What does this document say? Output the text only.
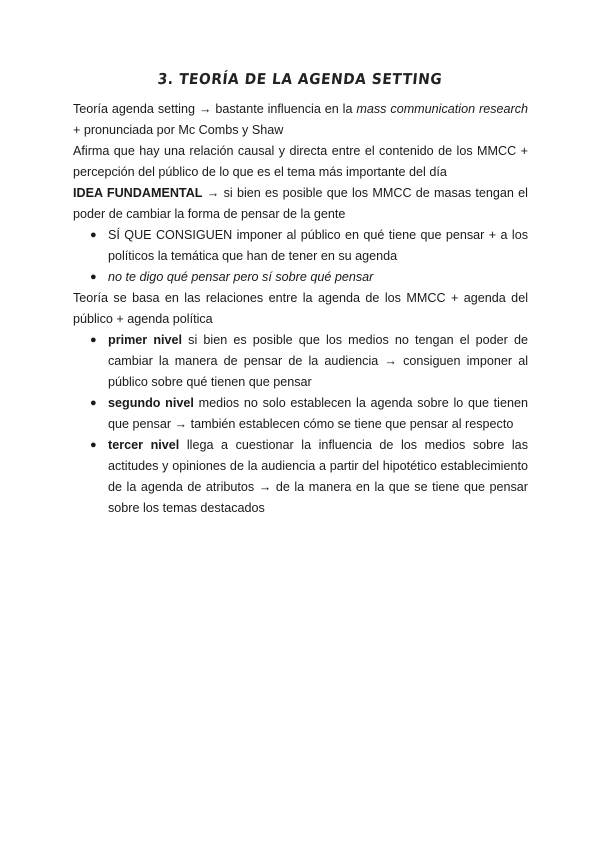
3. TEORÍA DE LA AGENDA SETTING

Teoría agenda setting → bastante influencia en la mass communication research + pronunciada por Mc Combs y Shaw

Afirma que hay una relación causal y directa entre el contenido de los MMCC + percepción del público de lo que es el tema más importante del día

IDEA FUNDAMENTAL → si bien es posible que los MMCC de masas tengan el poder de cambiar la forma de pensar de la gente

● SÍ QUE CONSIGUEN imponer al público en qué tiene que pensar + a los políticos la temática que han de tener en su agenda
● no te digo qué pensar pero sí sobre qué pensar

Teoría se basa en las relaciones entre la agenda de los MMCC + agenda del público + agenda política

● primer nivel si bien es posible que los medios no tengan el poder de cambiar la manera de pensar de la audiencia → consiguen imponer al público sobre qué tienen que pensar
● segundo nivel medios no solo establecen la agenda sobre lo que tienen que pensar → también establecen cómo se tiene que pensar al respecto
● tercer nivel llega a cuestionar la influencia de los medios sobre las actitudes y opiniones de la audiencia a partir del hipotético establecimiento de la agenda de atributos → de la manera en la que se tiene que pensar sobre los temas destacados
